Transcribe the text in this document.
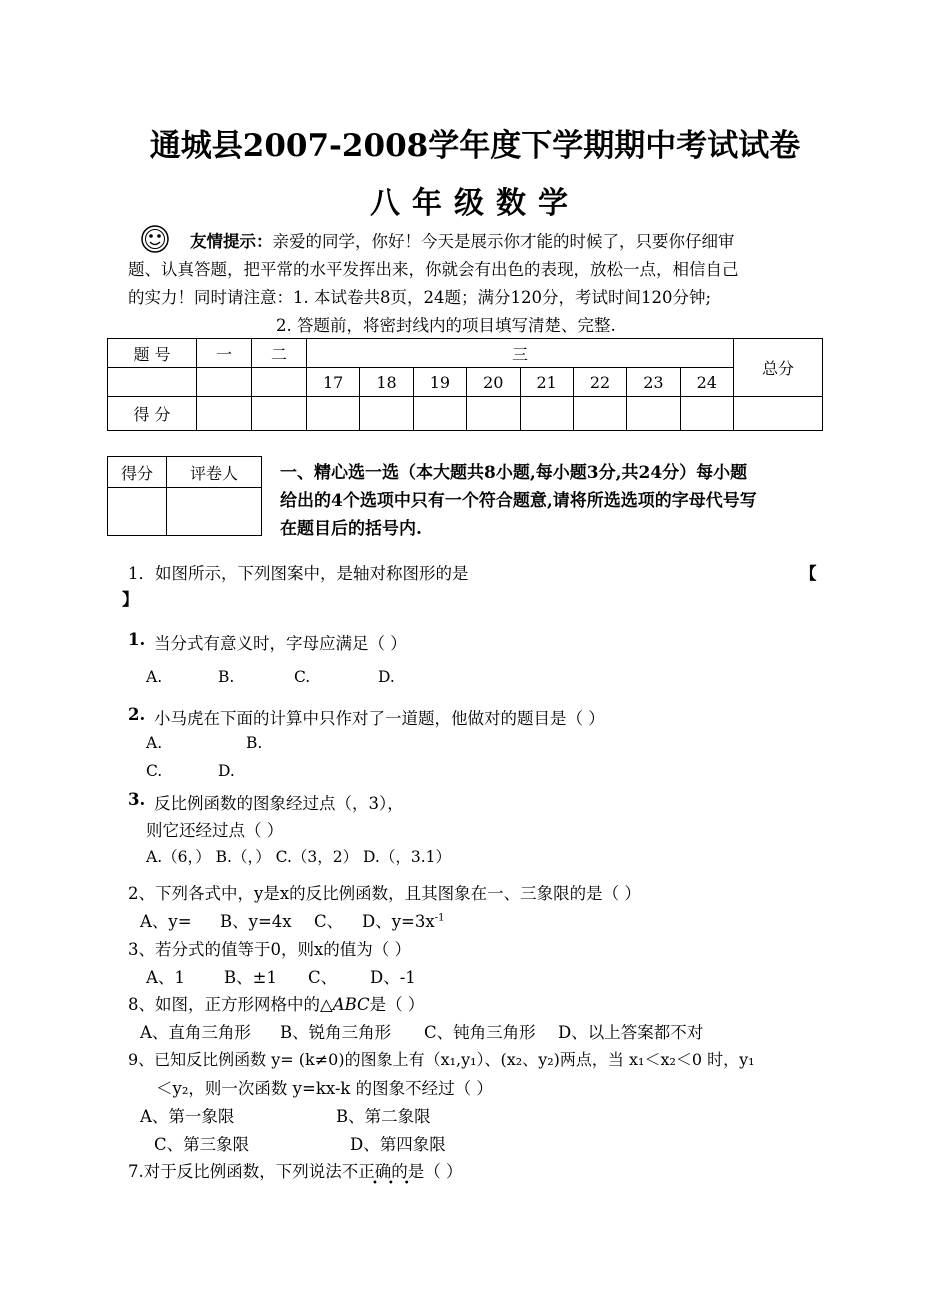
通城县2007-2008学年度下学期期中考试试卷
八年级数学
友情提示：亲爱的同学，你好！今天是展示你才能的时候了，只要你仔细审
题、认真答题，把平常的水平发挥出来，你就会有出色的表现，放松一点，相信自己
的实力！同时请注意：1. 本试卷共8页，24题；满分120分，考试时间120分钟;
2. 答题前，将密封线内的项目填写清楚、完整.
题 号	一	二	三								总分
			17	18	19	20	21	22	23	24	
得 分											
得分	评卷人
	一、精心选一选（本大题共8小题,每小题3分,共24分）每小题
给出的4个选项中只有一个符合题意,请将所选选项的字母代号写
在题目后的括号内.
1．如图所示，下列图案中，是轴对称图形的是	【
】
1. 当分式有意义时，字母应满足（ ）
A.	B.	C.	D.
2. 小马虎在下面的计算中只作对了一道题，他做对的题目是（ ）
A.	B.
C.	D.
3. 反比例函数的图象经过点（，3），
则它还经过点（ ）
A.（6，） B.（，） C.（3，2） D.（，3.1）
2、下列各式中，y是x的反比例函数，且其图象在一、三象限的是（ ）
A、y= B、y=4x C、 D、$y=3x^{-1}$
3、若分式的值等于0，则x的值为（ ）
A、1 B、±1 C、 D、-1
8、如图，正方形网格中的△ABC是（ ）
A、直角三角形 B、锐角三角形 C、钝角三角形 D、以上答案都不对
9、已知反比例函数 y= (k≠0)的图象上有（x₁,y₁）、(x₂、y₂)两点，当 x₁＜x₂＜0 时，y₁
＜y₂，则一次函数 y=kx-k 的图象不经过（ ）
A、第一象限	B、第二象限
C、第三象限	D、第四象限
7.对于反比例函数，下列说法不正确的是（ ）
•••
